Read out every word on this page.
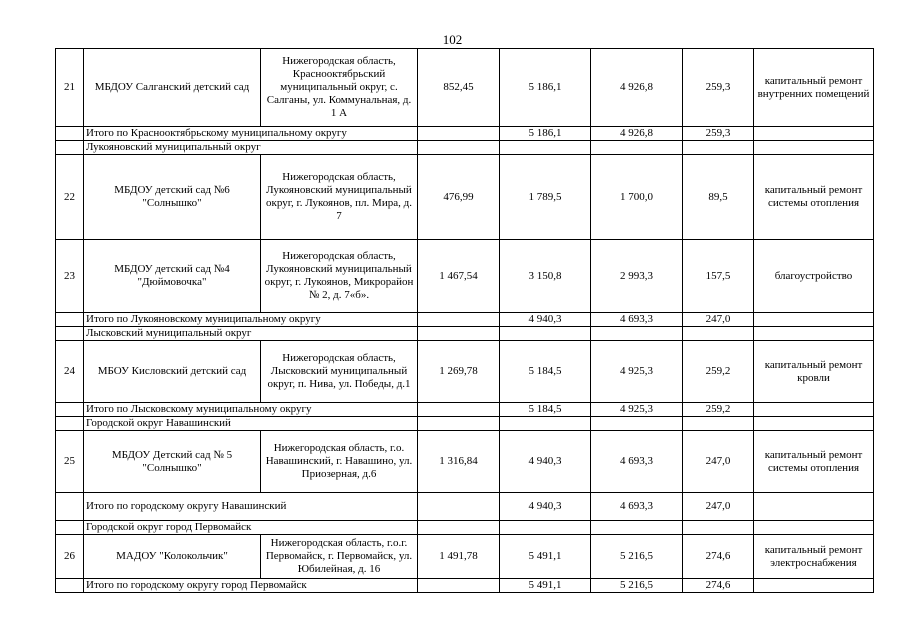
102
21	МБДОУ Салганский детский сад	Нижегородская область, Краснооктябрьский муниципальный округ, с. Салганы, ул. Коммунальная, д. 1 А	852,45	5 186,1	4 926,8	259,3	капитальный ремонт внутренних помещений
	Итого по Краснооктябрьскому муниципальному округу			5 186,1	4 926,8	259,3	
	Лукояновский муниципальный округ						
22	МБДОУ детский сад №6 "Солнышко"	Нижегородская область, Лукояновский муниципальный округ, г. Лукоянов, пл. Мира, д. 7	476,99	1 789,5	1 700,0	89,5	капитальный ремонт системы отопления
23	МБДОУ детский сад №4 "Дюймовочка"	Нижегородская область, Лукояновский муниципальный округ, г. Лукоянов, Микрорайон № 2, д. 7«б».	1 467,54	3 150,8	2 993,3	157,5	благоустройство
	Итого по Лукояновскому муниципальному округу			4 940,3	4 693,3	247,0	
	Лысковский муниципальный округ						
24	МБОУ Кисловский детский сад	Нижегородская область, Лысковский муниципальный округ, п. Нива, ул. Победы, д.1	1 269,78	5 184,5	4 925,3	259,2	капитальный ремонт кровли
	Итого по Лысковскому муниципальному округу			5 184,5	4 925,3	259,2	
	Городской округ Навашинский						
25	МБДОУ Детский сад № 5 "Солнышко"	Нижегородская область, г.о. Навашинский, г. Навашино, ул. Приозерная, д.6	1 316,84	4 940,3	4 693,3	247,0	капитальный ремонт системы отопления
	Итого по городскому округу Навашинский			4 940,3	4 693,3	247,0	
	Городской округ город Первомайск						
26	МАДОУ "Колокольчик"	Нижегородская область, г.о.г. Первомайск, г. Первомайск, ул. Юбилейная, д. 16	1 491,78	5 491,1	5 216,5	274,6	капитальный ремонт электроснабжения
	Итого по городскому округу город Первомайск			5 491,1	5 216,5	274,6	
